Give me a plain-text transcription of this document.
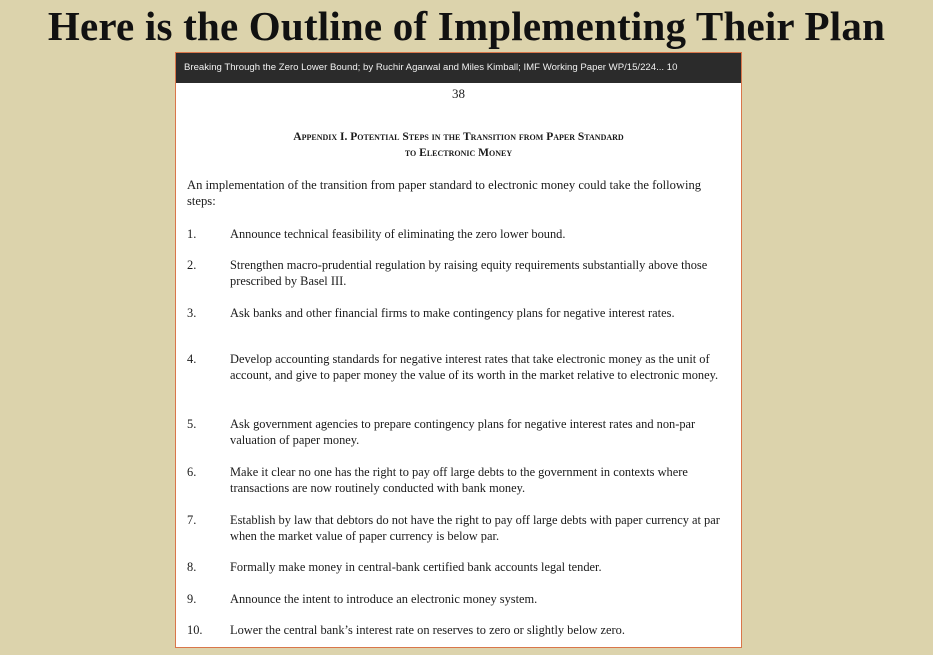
Here is the Outline of Implementing Their Plan
Breaking Through the Zero Lower Bound; by Ruchir Agarwal and Miles Kimball; IMF Working Paper WP/15/224... 10
38
Appendix I. Potential Steps in the Transition from Paper Standard
to Electronic Money
An implementation of the transition from paper standard to electronic money could take the following steps:
1.	Announce technical feasibility of eliminating the zero lower bound.
2.	Strengthen macro-prudential regulation by raising equity requirements substantially above those prescribed by Basel III.
3.	Ask banks and other financial firms to make contingency plans for negative interest rates.
4.	Develop accounting standards for negative interest rates that take electronic money as the unit of account, and give to paper money the value of its worth in the market relative to electronic money.
5.	Ask government agencies to prepare contingency plans for negative interest rates and non-par valuation of paper money.
6.	Make it clear no one has the right to pay off large debts to the government in contexts where transactions are now routinely conducted with bank money.
7.	Establish by law that debtors do not have the right to pay off large debts with paper currency at par when the market value of paper currency is below par.
8.	Formally make money in central-bank certified bank accounts legal tender.
9.	Announce the intent to introduce an electronic money system.
10.	Lower the central bank’s interest rate on reserves to zero or slightly below zero.
